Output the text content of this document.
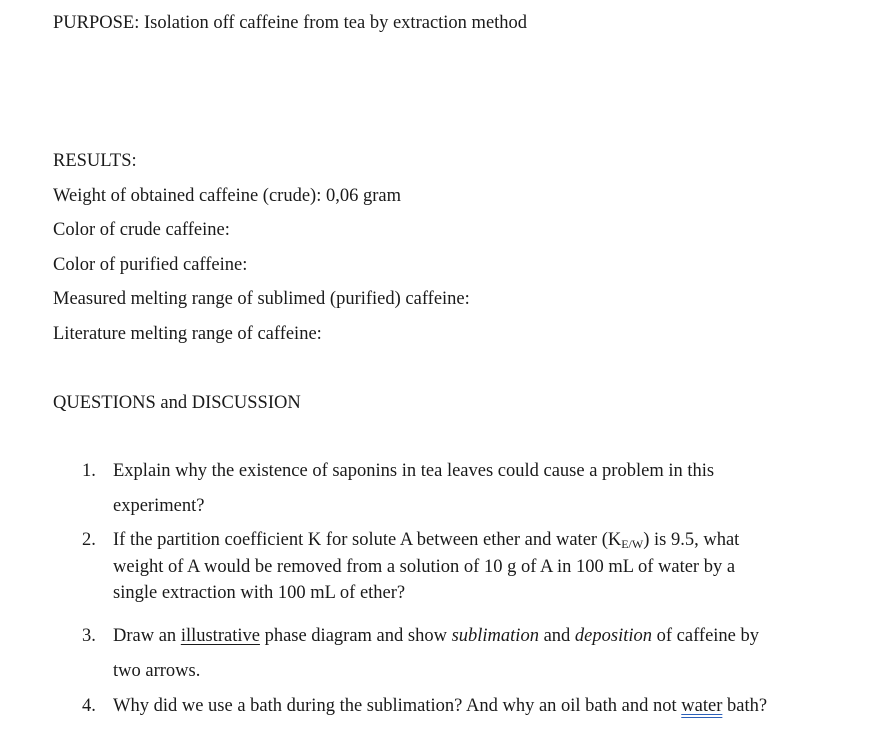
PURPOSE: Isolation off caffeine from tea by extraction method
RESULTS:
Weight of obtained caffeine (crude): 0,06 gram
Color of crude caffeine:
Color of purified caffeine:
Measured melting range of sublimed (purified) caffeine:
Literature melting range of caffeine:
QUESTIONS and DISCUSSION
1. Explain why the existence of saponins in tea leaves could cause a problem in this
experiment?
2. If the partition coefficient K for solute A between ether and water $(K_{E/W})$ is 9.5, what
weight of A would be removed from a solution of 10 g of A in 100 mL of water by a
single extraction with 100 mL of ether?
3. Draw an illustrative phase diagram and show sublimation and deposition of caffeine by
two arrows.
4. Why did we use a bath during the sublimation? And why an oil bath and not water bath?
